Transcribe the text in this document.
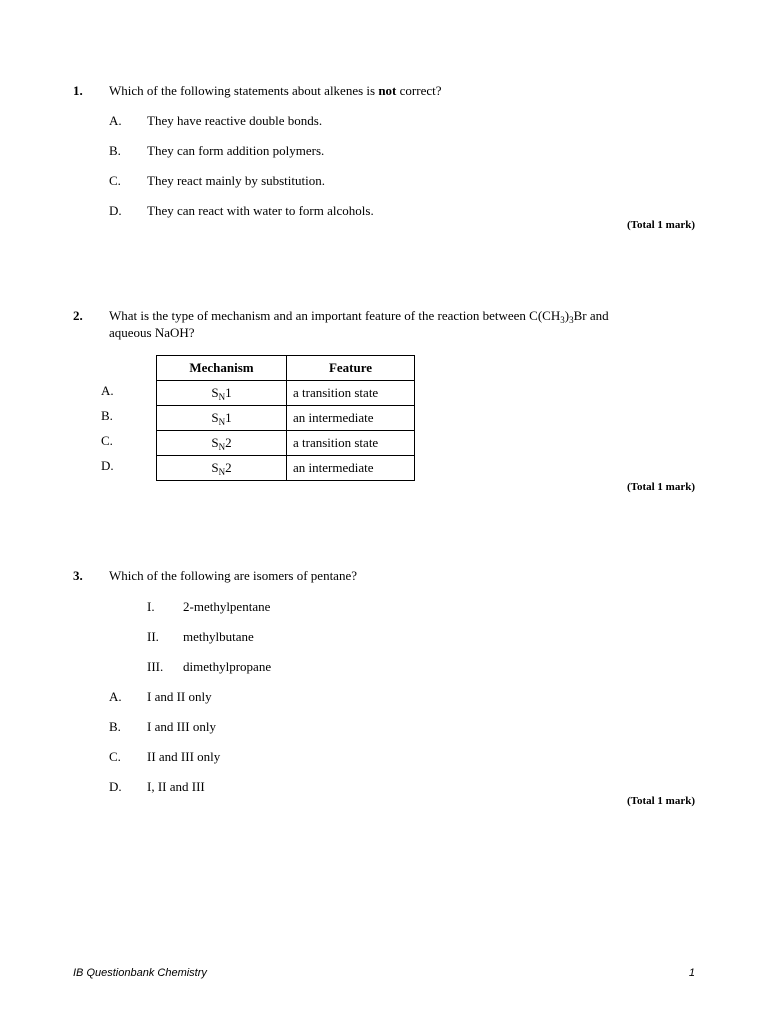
1. Which of the following statements about alkenes is not correct?
A. They have reactive double bonds.
B. They can form addition polymers.
C. They react mainly by substitution.
D. They can react with water to form alcohols.
(Total 1 mark)
2. What is the type of mechanism and an important feature of the reaction between $C(CH_3)_3Br$ and
aqueous NaOH?
A.
B.
C.
D.
Mechanism	Feature
$S_N1$	a transition state
$S_N1$	an intermediate
$S_N2$	a transition state
$S_N2$	an intermediate
(Total 1 mark)
3. Which of the following are isomers of pentane?
I. 2-methylpentane
II. methylbutane
III. dimethylpropane
A. I and II only
B. I and III only
C. II and III only
D. I, II and III
(Total 1 mark)
IB Questionbank Chemistry	1
